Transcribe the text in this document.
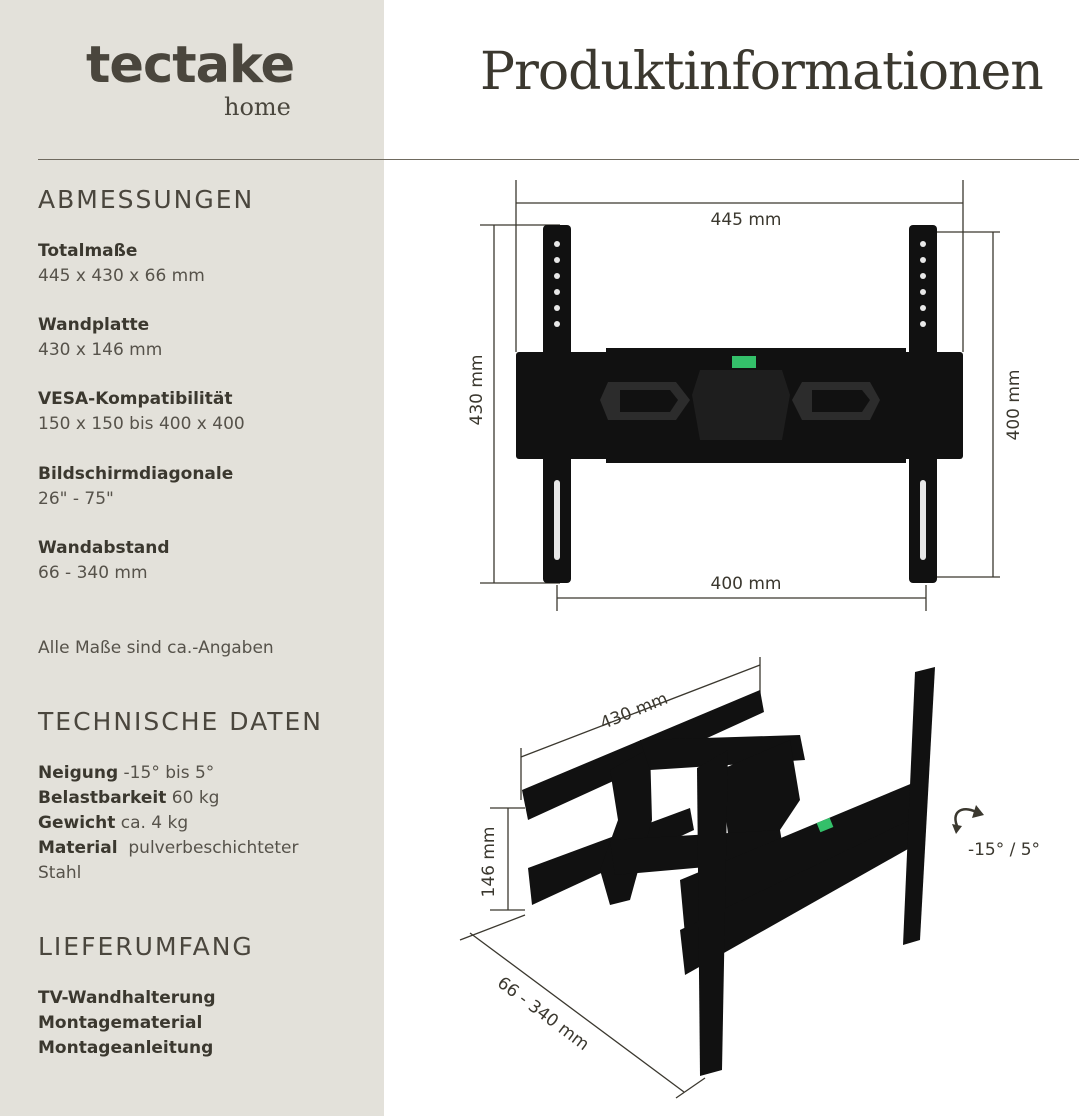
tectake
home
Produktinformationen
ABMESSUNGEN
Totalmaße
445 x 430 x 66 mm
Wandplatte
430 x 146 mm
VESA-Kompatibilität
150 x 150 bis 400 x 400
Bildschirmdiagonale
26" - 75"
Wandabstand
66 - 340 mm
Alle Maße sind ca.-Angaben
TECHNISCHE DATEN
Neigung -15° bis 5°
Belastbarkeit 60 kg
Gewicht ca. 4 kg
Material  pulverbeschichteter
Stahl
LIEFERUMFANG
TV-Wandhalterung
Montagematerial
Montageanleitung
445 mm
400 mm
430 mm	400 mm
430 mm
146 mm
66 - 340 mm
-15° / 5°
